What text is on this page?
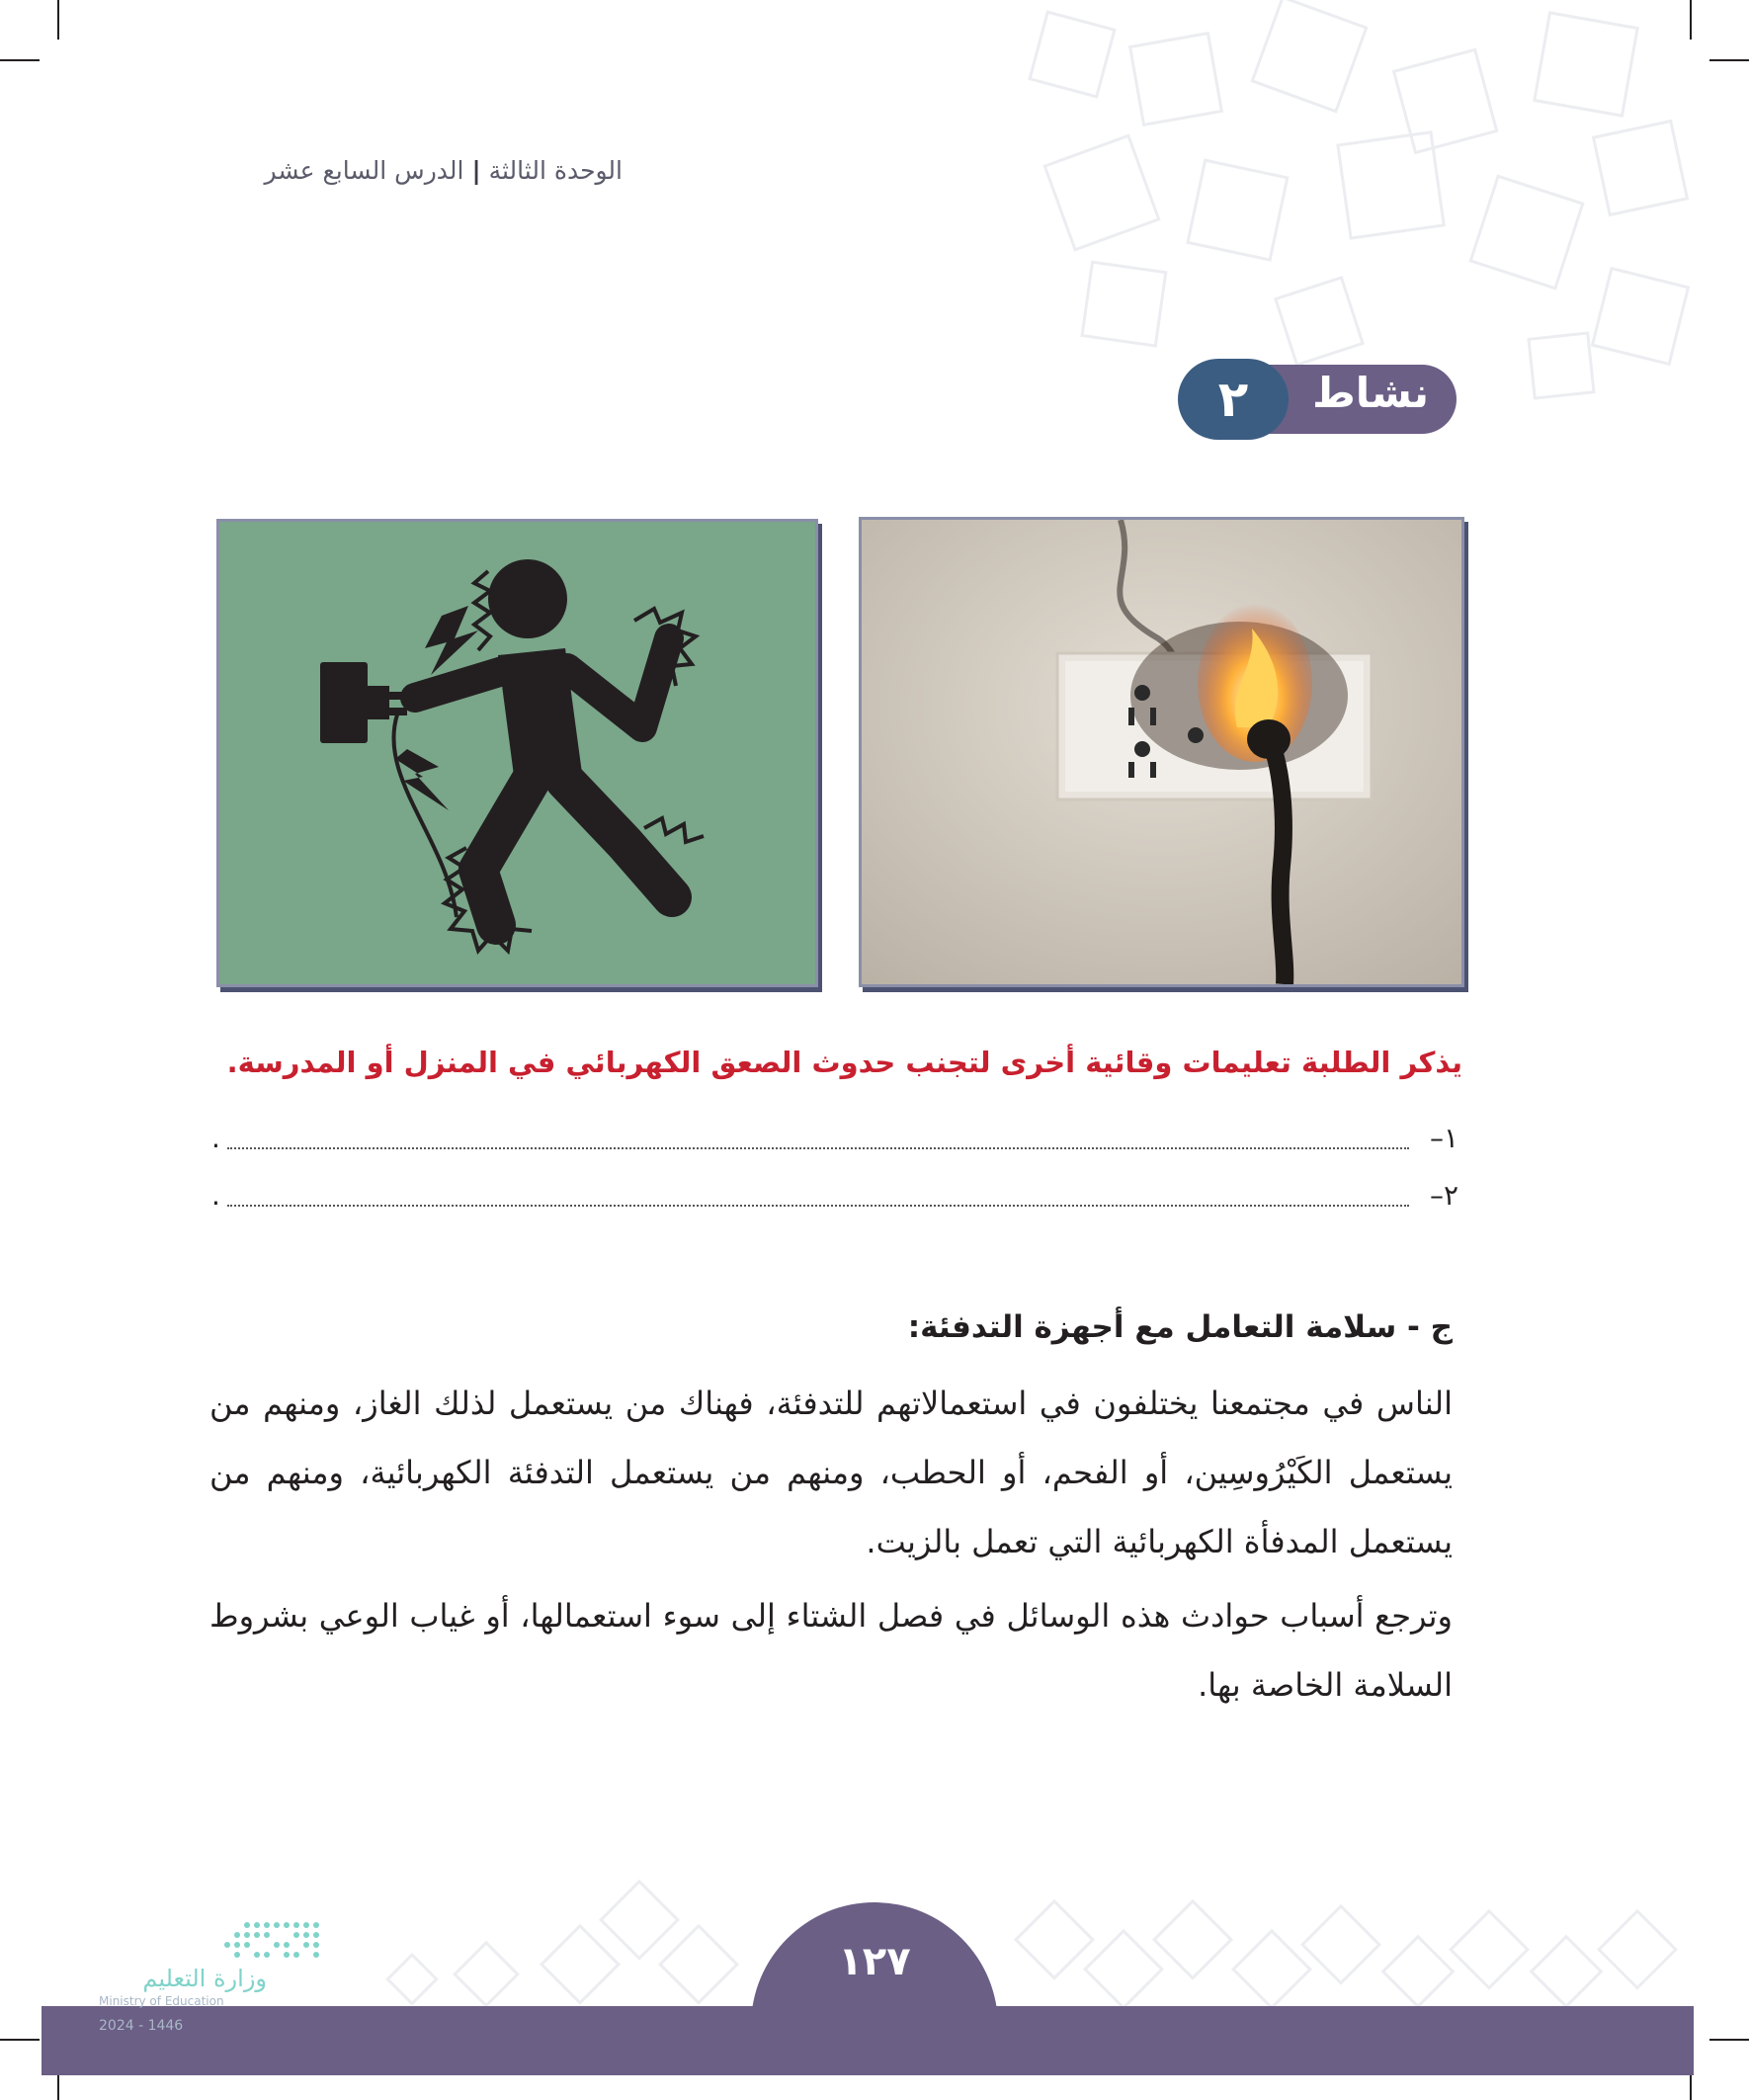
الوحدة الثالثة|الدرس السابع عشر
نشاط
٢
يذكر الطلبة تعليمات وقائية أخرى لتجنب حدوث الصعق الكهربائي في المنزل أو المدرسة.
١–
.
٢–
.
ج - سلامة التعامل مع أجهزة التدفئة:
الناس في مجتمعنا يختلفون في استعمالاتهم للتدفئة، فهناك من يستعمل لذلك الغاز، ومنهم من يستعمل الكَيْرُوسِين، أو الفحم، أو الحطب، ومنهم من يستعمل التدفئة الكهربائية، ومنهم من يستعمل المدفأة الكهربائية التي تعمل بالزيت.
وترجع أسباب حوادث هذه الوسائل في فصل الشتاء إلى سوء استعمالها، أو غياب الوعي بشروط السلامة الخاصة بها.
١٢٧
وزارة التعليم
Ministry of Education
2024 - 1446
